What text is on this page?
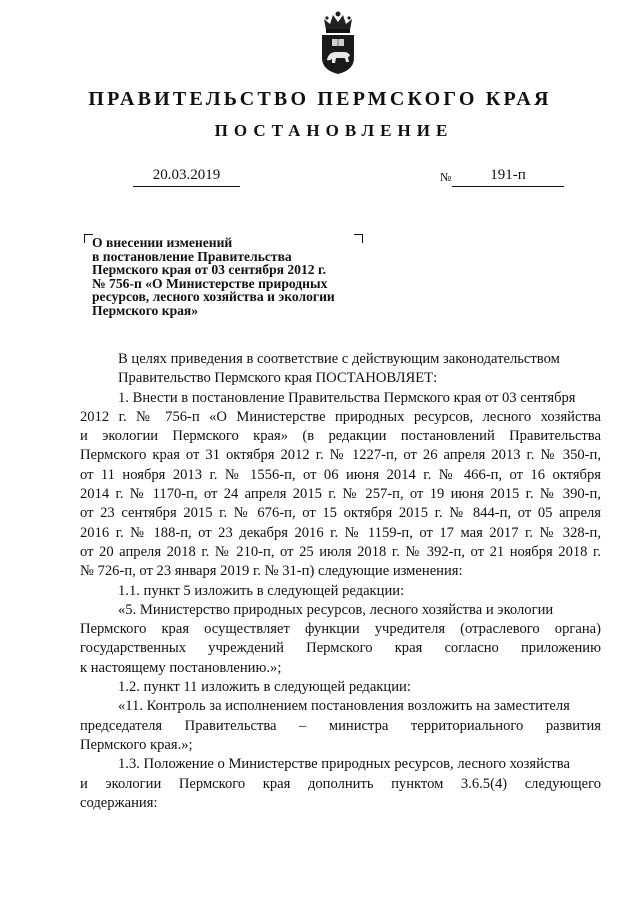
ПРАВИТЕЛЬСТВО ПЕРМСКОГО КРАЯ
ПОСТАНОВЛЕНИЕ
20.03.2019	№	191-п
О внесении изменений
в постановление Правительства
Пермского края от 03 сентября 2012 г.
№ 756-п «О Министерстве природных
ресурсов, лесного хозяйства и экологии
Пермского края»
В целях приведения в соответствие с действующим законодательством
Правительство Пермского края ПОСТАНОВЛЯЕТ:
1. Внести в постановление Правительства Пермского края от 03 сентября
2012 г. № 756-п «О Министерстве природных ресурсов, лесного хозяйства
и экологии Пермского края» (в редакции постановлений Правительства
Пермского края от 31 октября 2012 г. № 1227-п, от 26 апреля 2013 г. № 350-п,
от 11 ноября 2013 г. № 1556-п, от 06 июня 2014 г. № 466-п, от 16 октября
2014 г. № 1170-п, от 24 апреля 2015 г. № 257-п, от 19 июня 2015 г. № 390-п,
от 23 сентября 2015 г. № 676-п, от 15 октября 2015 г. № 844-п, от 05 апреля
2016 г. № 188-п, от 23 декабря 2016 г. № 1159-п, от 17 мая 2017 г. № 328-п,
от 20 апреля 2018 г. № 210-п, от 25 июля 2018 г. № 392-п, от 21 ноября 2018 г.
№ 726-п, от 23 января 2019 г. № 31-п) следующие изменения:
1.1. пункт 5 изложить в следующей редакции:
«5. Министерство природных ресурсов, лесного хозяйства и экологии
Пермского края осуществляет функции учредителя (отраслевого органа)
государственных учреждений Пермского края согласно приложению
к настоящему постановлению.»;
1.2. пункт 11 изложить в следующей редакции:
«11. Контроль за исполнением постановления возложить на заместителя
председателя Правительства – министра территориального развития
Пермского края.»;
1.3. Положение о Министерстве природных ресурсов, лесного хозяйства
и экологии Пермского края дополнить пунктом 3.6.5(4) следующего
содержания:
